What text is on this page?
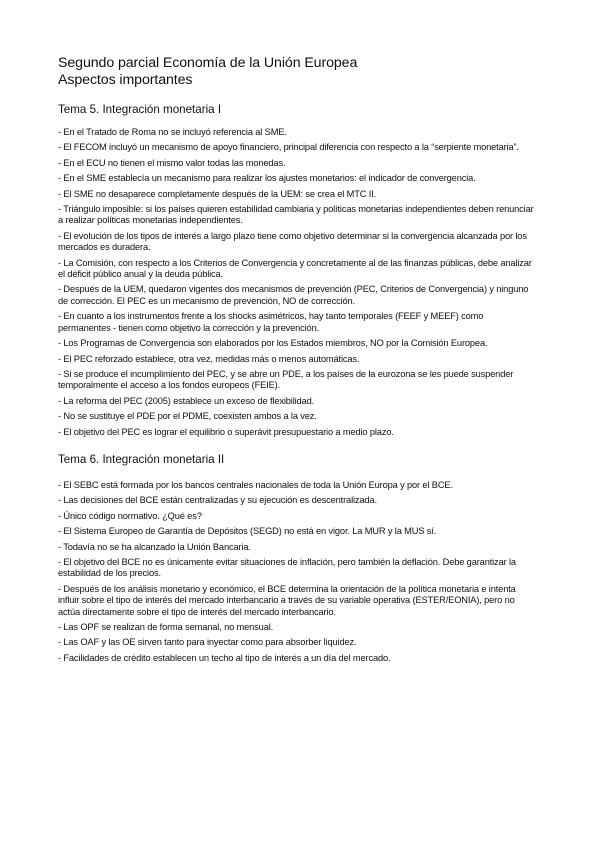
Segundo parcial Economía de la Unión Europea
Aspectos importantes
Tema 5. Integración monetaria I
- En el Tratado de Roma no se incluyó referencia al SME.
- El FECOM incluyó un mecanismo de apoyo financiero, principal diferencia con respecto a la “serpiente monetaria”.
- En el ECU no tienen el mismo valor todas las monedas.
- En el SME establecía un mecanismo para realizar los ajustes monetarios: el indicador de convergencia.
- El SME no desaparece completamente después de la UEM: se crea el MTC II.
- Triángulo imposible: si los países quieren estabilidad cambiaria y políticas monetarias independientes deben renunciar a realizar políticas monetarias independientes.
- El evolución de los tipos de interés a largo plazo tiene como objetivo determinar si la convergencia alcanzada por los mercados es duradera.
- La Comisión, con respecto a los Criterios de Convergencia y concretamente al de las finanzas públicas, debe analizar el déficit público anual y la deuda pública.
- Después de la UEM, quedaron vigentes dos mecanismos de prevención (PEC, Criterios de Convergencia) y ninguno de corrección. El PEC es un mecanismo de prevención, NO de corrección.
- En cuanto a los instrumentos frente a los shocks asimétricos, hay tanto temporales (FEEF y MEEF) como permanentes - tienen como objetivo la corrección y la prevención.
- Los Programas de Convergencia son elaborados por los Estados miembros, NO por la Comisión Europea.
- El PEC reforzado establece, otra vez, medidas más o menos automáticas.
- Si se produce el incumplimiento del PEC, y se abre un PDE, a los países de la eurozona se les puede suspender temporalmente el acceso a los fondos europeos (FEIE).
- La reforma del PEC (2005) establece un exceso de flexibilidad.
- No se sustituye el PDE por el PDME, coexisten ambos a la vez.
- El objetivo del PEC es lograr el equilibrio o superávit presupuestario a medio plazo.
Tema 6. Integración monetaria II
- El SEBC está formada por los bancos centrales nacionales de toda la Unión Europa y por el BCE.
- Las decisiones del BCE están centralizadas y su ejecución es descentralizada.
- Único código normativo. ¿Qué es?
- El Sistema Europeo de Garantía de Depósitos (SEGD) no está en vigor. La MUR y la MUS sí.
- Todavía no se ha alcanzado la Unión Bancaria.
- El objetivo del BCE no es únicamente evitar situaciones de inflación, pero también la deflación. Debe garantizar la estabilidad de los precios.
- Después de los análisis monetario y económico, el BCE determina la orientación de la política monetaria e intenta influir sobre el tipo de interés del mercado interbancario a través de su variable operativa (ESTER/EONIA), pero no actúa directamente sobre el tipo de interés del mercado interbancario.
- Las OPF se realizan de forma semanal, no mensual.
- Las OAF y las OE sirven tanto para inyectar como para absorber liquidez.
- Facilidades de crédito establecen un techo al tipo de interés a un día del mercado.
